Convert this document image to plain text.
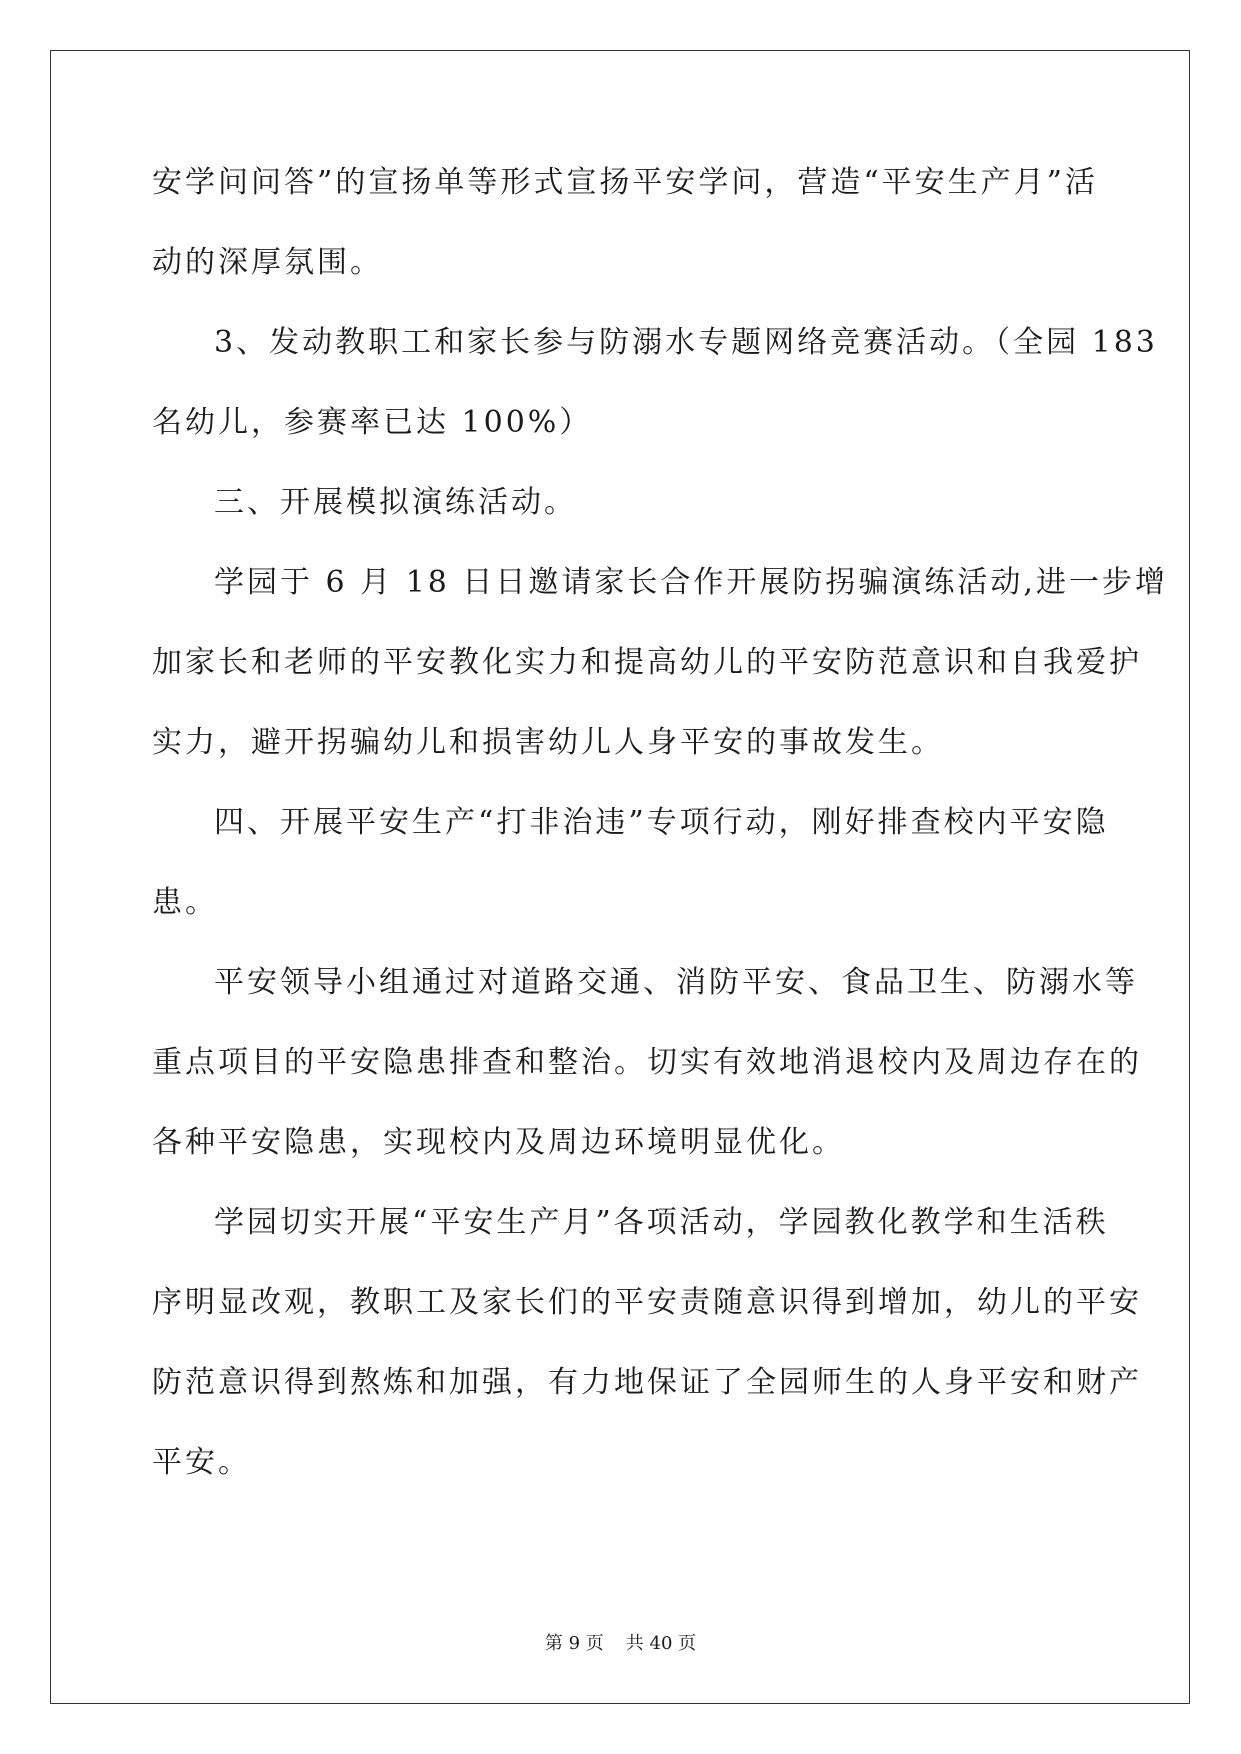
安学问问答”的宣扬单等形式宣扬平安学问，营造“平安生产月”活
动的深厚氛围。
3、发动教职工和家长参与防溺水专题网络竞赛活动。（全园 183
名幼儿，参赛率已达 100%）
三、开展模拟演练活动。
学园于 6 月 18 日日邀请家长合作开展防拐骗演练活动,进一步增
加家长和老师的平安教化实力和提高幼儿的平安防范意识和自我爱护
实力，避开拐骗幼儿和损害幼儿人身平安的事故发生。
四、开展平安生产“打非治违”专项行动，刚好排查校内平安隐
患。
平安领导小组通过对道路交通、消防平安、食品卫生、防溺水等
重点项目的平安隐患排查和整治。切实有效地消退校内及周边存在的
各种平安隐患，实现校内及周边环境明显优化。
学园切实开展“平安生产月”各项活动，学园教化教学和生活秩
序明显改观，教职工及家长们的平安责随意识得到增加，幼儿的平安
防范意识得到熬炼和加强，有力地保证了全园师生的人身平安和财产
平安。
第 9 页 共 40 页
